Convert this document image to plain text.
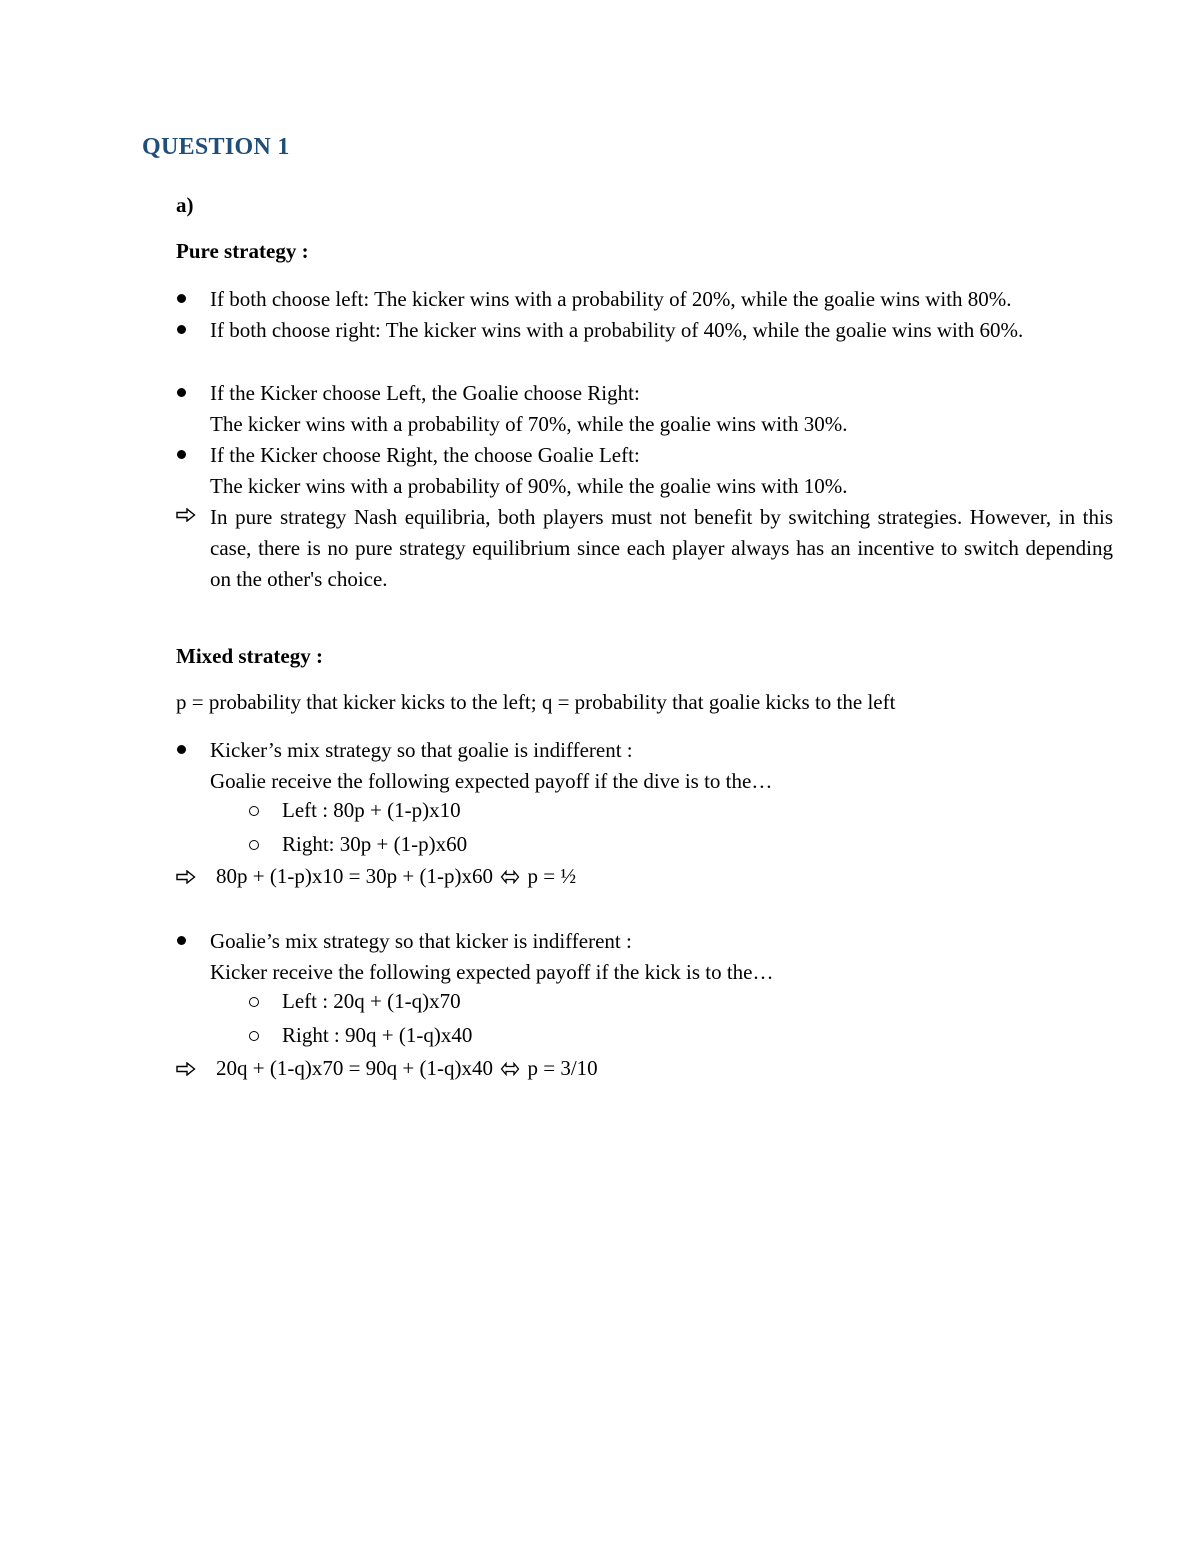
QUESTION 1
a)
Pure strategy :
If both choose left: The kicker wins with a probability of 20%, while the goalie wins with 80%.
If both choose right: The kicker wins with a probability of 40%, while the goalie wins with 60%.
If the Kicker choose Left, the Goalie choose Right:
The kicker wins with a probability of 70%, while the goalie wins with 30%.
If the Kicker choose Right, the choose Goalie Left:
The kicker wins with a probability of 90%, while the goalie wins with 10%.
In pure strategy Nash equilibria, both players must not benefit by switching strategies. However, in this case, there is no pure strategy equilibrium since each player always has an incentive to switch depending on the other's choice.
Mixed strategy :
p = probability that kicker kicks to the left; q = probability that goalie kicks to the left
Kicker’s mix strategy so that goalie is indifferent :
Goalie receive the following expected payoff if the dive is to the…
Left : 80p + (1-p)x10
Right: 30p + (1-p)x60
80p + (1-p)x10 = 30p + (1-p)x60 p = ½
Goalie’s mix strategy so that kicker is indifferent :
Kicker receive the following expected payoff if the kick is to the…
Left : 20q + (1-q)x70
Right : 90q + (1-q)x40
20q + (1-q)x70 = 90q + (1-q)x40 p = 3/10
